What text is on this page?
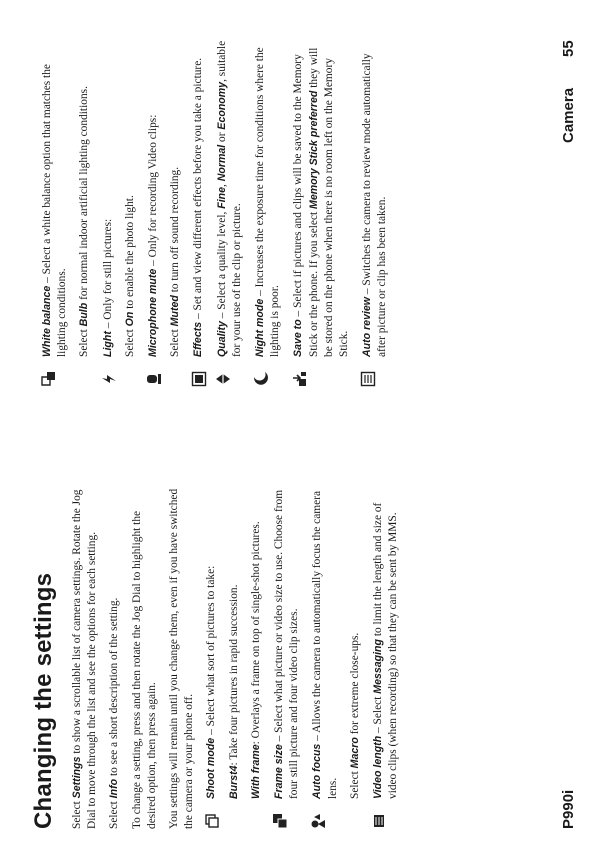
Changing the settings Select Settings to show a scrollable list of camera settings. Rotate the Jog Dial to move through the list and see the options for each setting. Select Info to see a short description of the setting. To change a setting, press and then rotate the Jog Dial to highlight the desired option, then press again. You settings will remain until you change them, even if you have switched the camera or your phone off. Shoot mode – Select what sort of pictures to take:

Burst4: Take four pictures in rapid succession.

With frame: Overlays a frame on top of single-shot pictures.

Frame size – Select what picture or video size to use. Choose from four still picture and four video clip sizes. Auto focus – Allows the camera to automatically focus the camera lens. Select Macro for extreme close-ups.

Video length – Select Messaging to limit the length and size of video clips (when recording) so that they can be sent by MMS.

White balance – Select a white balance option that matches the lighting conditions. Select Bulb for normal indoor artificial lighting conditions.

Light – Only for still pictures:

Select On to enable the photo light.

Microphone mute – Only for recording Video clips:

Select Muted to turn off sound recording.

Effects – Set and view different effects before you take a picture.

Quality – Select a quality level, Fine, Normal or Economy, suitable for your use of the clip or picture. Night mode – Increases the exposure time for conditions where the lighting is poor. Save to – Select if pictures and clips will be saved to the Memory Stick or the phone. If you select Memory Stick preferred they will be stored on the phone when there is no room left on the Memory Stick. Auto review – Switches the camera to review mode automatically after picture or clip has been taken.

P990i
Camera
55
